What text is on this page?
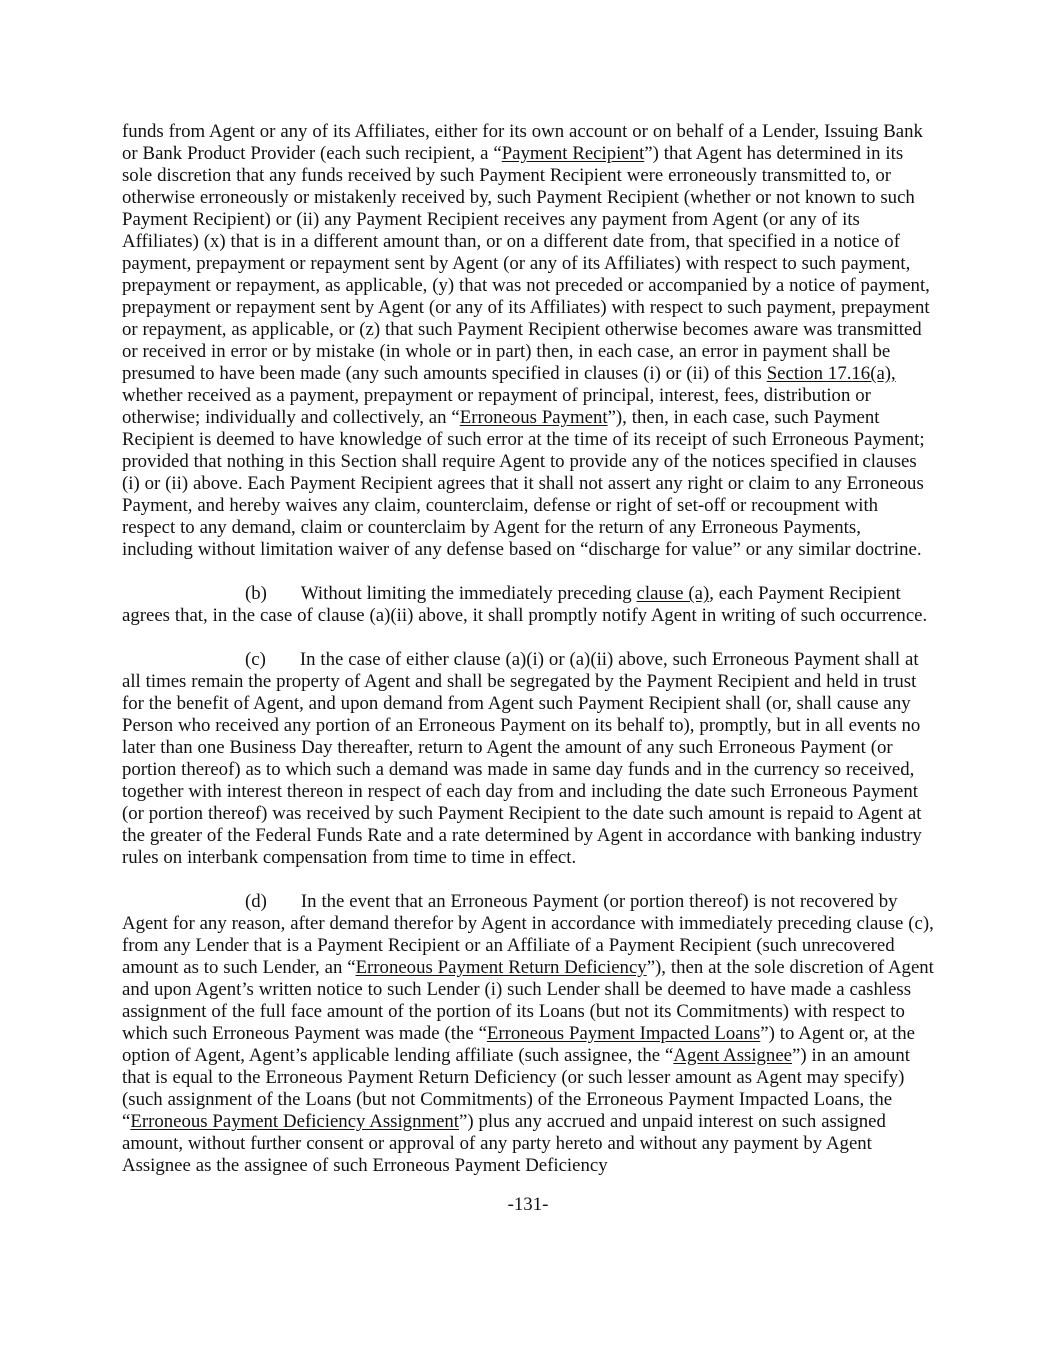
funds from Agent or any of its Affiliates, either for its own account or on behalf of a Lender, Issuing Bank or Bank Product Provider (each such recipient, a “Payment Recipient”) that Agent has determined in its sole discretion that any funds received by such Payment Recipient were erroneously transmitted to, or otherwise erroneously or mistakenly received by, such Payment Recipient (whether or not known to such Payment Recipient) or (ii) any Payment Recipient receives any payment from Agent (or any of its Affiliates) (x) that is in a different amount than, or on a different date from, that specified in a notice of payment, prepayment or repayment sent by Agent (or any of its Affiliates) with respect to such payment, prepayment or repayment, as applicable, (y) that was not preceded or accompanied by a notice of payment, prepayment or repayment sent by Agent (or any of its Affiliates) with respect to such payment, prepayment or repayment, as applicable, or (z) that such Payment Recipient otherwise becomes aware was transmitted or received in error or by mistake (in whole or in part) then, in each case, an error in payment shall be presumed to have been made (any such amounts specified in clauses (i) or (ii) of this Section 17.16(a), whether received as a payment, prepayment or repayment of principal, interest, fees, distribution or otherwise; individually and collectively, an “Erroneous Payment”), then, in each case, such Payment Recipient is deemed to have knowledge of such error at the time of its receipt of such Erroneous Payment; provided that nothing in this Section shall require Agent to provide any of the notices specified in clauses (i) or (ii) above. Each Payment Recipient agrees that it shall not assert any right or claim to any Erroneous Payment, and hereby waives any claim, counterclaim, defense or right of set-off or recoupment with respect to any demand, claim or counterclaim by Agent for the return of any Erroneous Payments, including without limitation waiver of any defense based on “discharge for value” or any similar doctrine.

(b) Without limiting the immediately preceding clause (a), each Payment Recipient agrees that, in the case of clause (a)(ii) above, it shall promptly notify Agent in writing of such occurrence.

(c) In the case of either clause (a)(i) or (a)(ii) above, such Erroneous Payment shall at all times remain the property of Agent and shall be segregated by the Payment Recipient and held in trust for the benefit of Agent, and upon demand from Agent such Payment Recipient shall (or, shall cause any Person who received any portion of an Erroneous Payment on its behalf to), promptly, but in all events no later than one Business Day thereafter, return to Agent the amount of any such Erroneous Payment (or portion thereof) as to which such a demand was made in same day funds and in the currency so received, together with interest thereon in respect of each day from and including the date such Erroneous Payment (or portion thereof) was received by such Payment Recipient to the date such amount is repaid to Agent at the greater of the Federal Funds Rate and a rate determined by Agent in accordance with banking industry rules on interbank compensation from time to time in effect.

(d) In the event that an Erroneous Payment (or portion thereof) is not recovered by Agent for any reason, after demand therefor by Agent in accordance with immediately preceding clause (c), from any Lender that is a Payment Recipient or an Affiliate of a Payment Recipient (such unrecovered amount as to such Lender, an “Erroneous Payment Return Deficiency”), then at the sole discretion of Agent and upon Agent’s written notice to such Lender (i) such Lender shall be deemed to have made a cashless assignment of the full face amount of the portion of its Loans (but not its Commitments) with respect to which such Erroneous Payment was made (the “Erroneous Payment Impacted Loans”) to Agent or, at the option of Agent, Agent’s applicable lending affiliate (such assignee, the “Agent Assignee”) in an amount that is equal to the Erroneous Payment Return Deficiency (or such lesser amount as Agent may specify) (such assignment of the Loans (but not Commitments) of the Erroneous Payment Impacted Loans, the “Erroneous Payment Deficiency Assignment”) plus any accrued and unpaid interest on such assigned amount, without further consent or approval of any party hereto and without any payment by Agent Assignee as the assignee of such Erroneous Payment Deficiency

-131-
